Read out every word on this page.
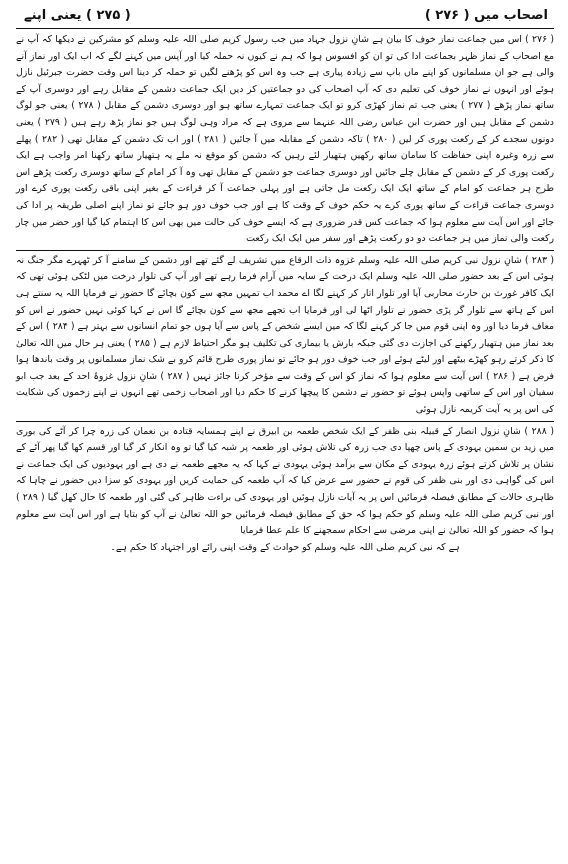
اصحاب میں ( ۲۷۶ )
( ۲۷۵ ) یعنی اپنے

( ۲۷۶ ) اس میں جماعت نماز خوف کا بیان ہے شانِ نزول جہاد میں جب رسول کریم صلی اللہ علیہ وسلم کو مشرکین نے دیکھا کہ آپ نے مع اصحاب کے نماز ظہر بجماعت ادا کی تو ان کو افسوس ہوا کہ ہم نے کیوں نہ حملہ کیا اور آپس میں کہنے لگے کہ اب ایک اور نماز آنے والی ہے جو ان مسلمانوں کو اپنے ماں باپ سے زیادہ پیاری ہے جب وہ اس کو پڑھنے لگیں تو حملہ کر دینا اس وقت حضرت جبرئیل نازل ہوئے اور انہوں نے نماز خوف کی تعلیم دی کہ آپ اصحاب کی دو جماعتیں کر دیں ایک جماعت دشمن کے مقابل رہے اور دوسری آپ کے ساتھ نماز پڑھے ( ۲۷۷ ) یعنی جب تم نماز کھڑی کرو تو ایک جماعت تمہارے ساتھ ہو اور دوسری دشمن کے مقابل ( ۲۷۸ ) یعنی جو لوگ دشمن کے مقابل ہیں اور حضرت ابن عباس رضی اللہ عنہما سے مروی ہے کہ مراد وہی لوگ ہیں جو نماز پڑھ رہے ہیں ( ۲۷۹ ) یعنی دونوں سجدے کر کے رکعت پوری کر لیں ( ۲۸۰ ) تاکہ دشمن کے مقابلہ میں آ جائیں ( ۲۸۱ ) اور اب تک دشمن کے مقابل تھی ( ۲۸۲ ) پھلے سے زرہ وغیرہ اپنی حفاظت کا سامان ساتھ رکھیں ہتھیار لئے رہیں کہ دشمن کو موقع نہ ملے یہ ہتھیار ساتھ رکھنا امر واجب ہے ایک رکعت پوری کر کے دشمن کے مقابل چلے جائیں اور دوسری جماعت جو دشمن کے مقابل تھی وہ آ کر امام کے ساتھ دوسری رکعت پڑھے اس طرح ہر جماعت کو امام کے ساتھ ایک ایک رکعت مل جاتی ہے اور پہلی جماعت آ کر قراءت کے بغیر اپنی باقی رکعت پوری کرے اور دوسری جماعت قراءت کے ساتھ پوری کرے یہ حکم خوف کے وقت کا ہے اور جب خوف دور ہو جائے تو نماز اپنے اصلی طریقہ پر ادا کی جائے اور اس آیت سے معلوم ہوا کہ جماعت کس قدر ضروری ہے کہ ایسے خوف کی حالت میں بھی اس کا اہتمام کیا گیا اور حضر میں چار رکعت والی نماز میں ہر جماعت دو دو رکعت پڑھے اور سفر میں ایک ایک رکعت

( ۲۸۳ ) شانِ نزول نبی کریم صلی اللہ علیہ وسلم غزوہ ذات الرقاع میں تشریف لے گئے تھے اور دشمن کے سامنے آ کر ٹھہرے مگر جنگ نہ ہوئی اس کے بعد حضور صلی اللہ علیہ وسلم ایک درخت کے سایہ میں آرام فرما رہے تھے اور آپ کی تلوار درخت میں لٹکی ہوئی تھی کہ ایک کافر غورث بن حارث محاربی آیا اور تلوار اتار کر کہنے لگا اے محمد اب تمہیں مجھ سے کون بچائے گا حضور نے فرمایا اللہ یہ سنتے ہی اس کے ہاتھ سے تلوار گر پڑی حضور نے تلوار اٹھا لی اور فرمایا اب تجھے مجھ سے کون بچائے گا اس نے کہا کوئی نہیں حضور نے اس کو معاف فرما دیا اور وہ اپنی قوم میں جا کر کہنے لگا کہ میں ایسے شخص کے پاس سے آیا ہوں جو تمام انسانوں سے بہتر ہے ( ۲۸۴ ) اس کے بعد نماز میں ہتھیار رکھنے کی اجازت دی گئی جبکہ بارش یا بیماری کی تکلیف ہو مگر احتیاط لازم ہے ( ۲۸۵ ) یعنی ہر حال میں اللہ تعالیٰ کا ذکر کرتے رہو کھڑے بیٹھے اور لیٹے ہوئے اور جب خوف دور ہو جائے تو نماز پوری طرح قائم کرو بے شک نماز مسلمانوں پر وقت باندھا ہوا فرض ہے ( ۲۸۶ ) اس آیت سے معلوم ہوا کہ نماز کو اس کے وقت سے مؤخر کرنا جائز نہیں ( ۲۸۷ ) شانِ نزول غزوۂ احد کے بعد جب ابو سفیان اور اس کے ساتھی واپس ہوئے تو حضور نے دشمن کا پیچھا کرنے کا حکم دیا اور اصحاب زخمی تھے انہوں نے اپنے زخموں کی شکایت کی اس پر یہ آیت کریمہ نازل ہوئی

( ۲۸۸ ) شانِ نزول انصار کے قبیلہ بنی ظفر کے ایک شخص طعمہ بن ابیرق نے اپنے ہمسایہ قتادہ بن نعمان کی زرہ چرا کر آٹے کی بوری میں زید بن سمین یہودی کے پاس چھپا دی جب زرہ کی تلاش ہوئی اور طعمہ پر شبہ کیا گیا تو وہ انکار کر گیا اور قسم کھا گیا پھر آٹے کے نشان پر تلاش کرتے ہوئے زرہ یہودی کے مکان سے برآمد ہوئی یہودی نے کہا کہ یہ مجھے طعمہ نے دی ہے اور یہودیوں کی ایک جماعت نے اس کی گواہی دی اور بنی ظفر کی قوم نے حضور سے عرض کیا کہ آپ طعمہ کی حمایت کریں اور یہودی کو سزا دیں حضور نے چاہا کہ ظاہری حالات کے مطابق فیصلہ فرمائیں اس پر یہ آیات نازل ہوئیں اور یہودی کی براءت ظاہر کی گئی اور طعمہ کا حال کھل گیا ( ۲۸۹ ) اور نبی کریم صلی اللہ علیہ وسلم کو حکم ہوا کہ حق کے مطابق فیصلہ فرمائیں جو اللہ تعالیٰ نے آپ کو بتایا ہے اور اس آیت سے معلوم ہوا کہ حضور کو اللہ تعالیٰ نے اپنی مرضی سے احکام سمجھنے کا علم عطا فرمایا

ہے کہ نبی کریم صلی اللہ علیہ وسلم کو حوادث کے وقت اپنی رائے اور اجتہاد کا حکم ہے۔
